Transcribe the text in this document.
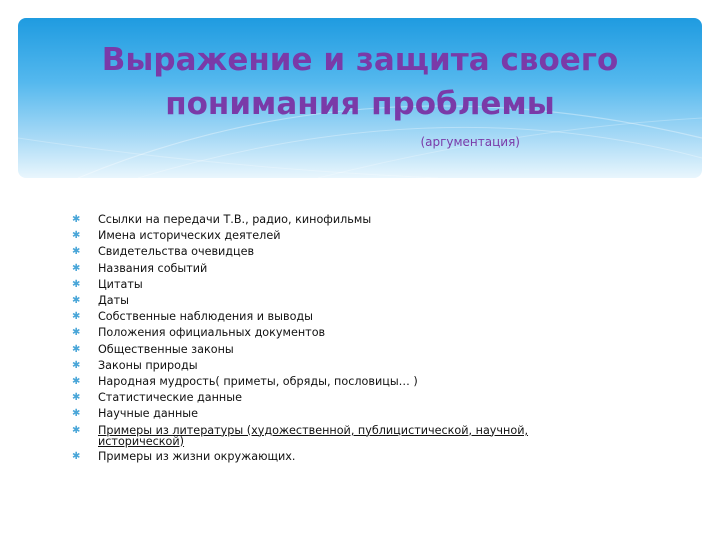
Выражение и защита своего понимания проблемы

(аргументация)

✱ Ссылки на передачи Т.В., радио, кинофильмы
✱ Имена исторических деятелей
✱ Свидетельства очевидцев
✱ Названия событий
✱ Цитаты
✱ Даты
✱ Собственные наблюдения и выводы
✱ Положения официальных документов
✱ Общественные законы
✱ Законы природы
✱ Народная мудрость( приметы, обряды, пословицы… )
✱ Статистические данные
✱ Научные данные
✱ Примеры из литературы (художественной, публицистической, научной, исторической)
✱ Примеры из жизни окружающих.
